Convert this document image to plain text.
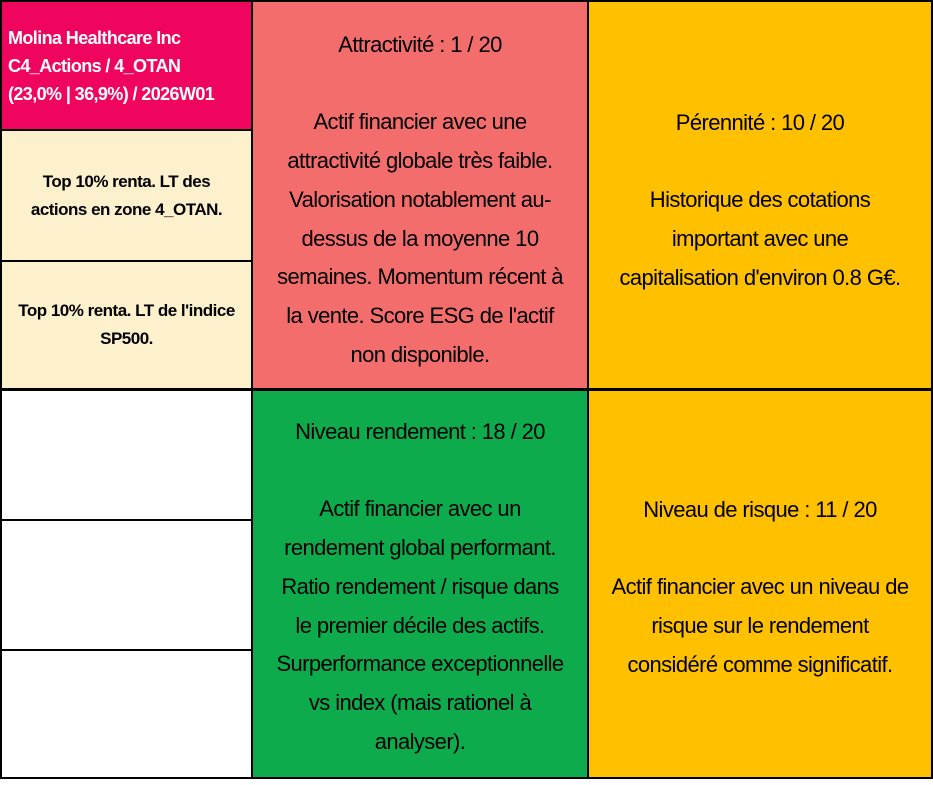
Molina Healthcare Inc
C4_Actions / 4_OTAN
(23,0% | 36,9%) / 2026W01
Top 10% renta. LT des
actions en zone 4_OTAN.
Top 10% renta. LT de l'indice
SP500.
Attractivité : 1 / 20
Actif financier avec une
attractivité globale très faible.
Valorisation notablement au-
dessus de la moyenne 10
semaines. Momentum récent à
la vente. Score ESG de l'actif
non disponible.
Pérennité : 10 / 20
Historique des cotations
important avec une
capitalisation d'environ 0.8 G€.
Niveau rendement : 18 / 20
Actif financier avec un
rendement global performant.
Ratio rendement / risque dans
le premier décile des actifs.
Surperformance exceptionnelle
vs index (mais rationel à
analyser).
Niveau de risque : 11 / 20
Actif financier avec un niveau de
risque sur le rendement
considéré comme significatif.
